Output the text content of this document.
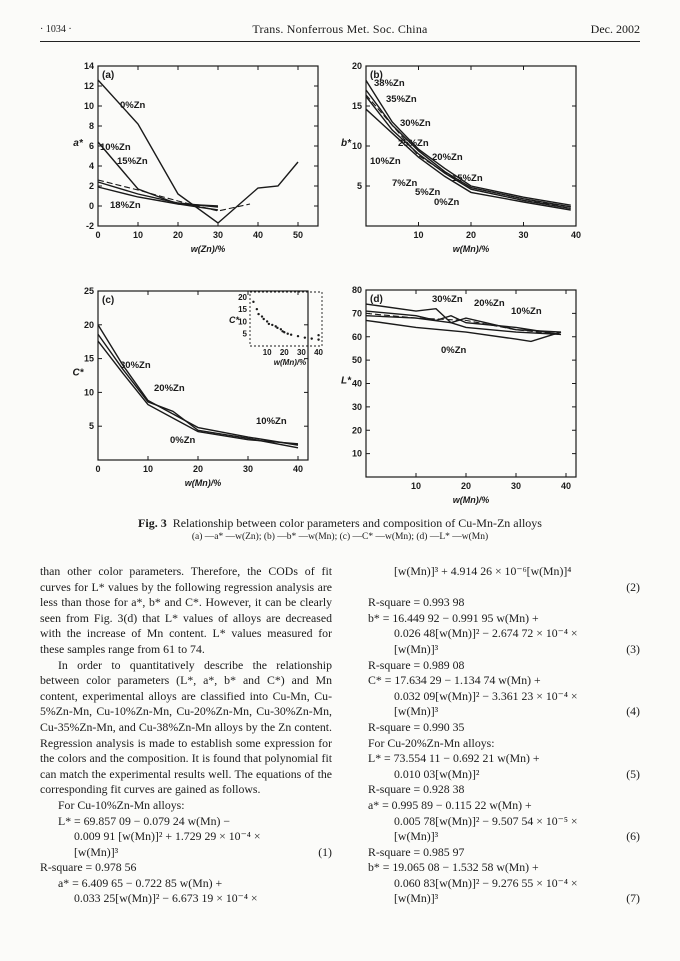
· 1034 ·	Trans. Nonferrous Met. Soc. China	Dec. 2002
0	10	20	30	40	50
-2
0
2
4
6
8
10
12
14
w(Zn)/%
a*
(a)
0%Zn
10%Zn
15%Zn
18%Zn
10	20	30	40
5
10
15
20
w(Mn)/%
b*
(b)
38%Zn
35%Zn
30%Zn
25%Zn
20%Zn
15%Zn
10%Zn
7%Zn
5%Zn
0%Zn
0	10	20	30	40
5
10
15
20
25
w(Mn)/%
C*
(c)
30%Zn
20%Zn
10%Zn
0%Zn
10 20 30 40
5
10
15
20
w(Mn)/%
C*
10	20	30	40
10
20
30
40
50
60
70
80
w(Mn)/%
L*
(d)	30%Zn 20%Zn
10%Zn
0%Zn
Fig. 3 Relationship between color parameters and composition of Cu-Mn-Zn alloys
(a) —a* —w(Zn); (b) —b* —w(Mn); (c) —C* —w(Mn); (d) —L* —w(Mn)

than other color parameters. Therefore, the CODs of fit curves for L* values by the following regression analysis are less than those for a*, b* and C*. However, it can be clearly seen from Fig. 3(d) that L* values of alloys are decreased with the increase of Mn content. L* values measured for these samples range from 61 to 74.

In order to quantitatively describe the relationship between color parameters (L*, a*, b* and C*) and Mn content, experimental alloys are classified into Cu-Mn, Cu-5%Zn-Mn, Cu-10%Zn-Mn, Cu-20%Zn-Mn, Cu-30%Zn-Mn, Cu-35%Zn-Mn, and Cu-38%Zn-Mn alloys by the Zn content. Regression analysis is made to establish some expression for the colors and the composition. It is found that polynomial fit can match the experimental results well. The equations of the corresponding fit curves are gained as follows.

For Cu-10%Zn-Mn alloys:
L* = 69.857 09 − 0.079 24 w(Mn) −
0.009 91 [w(Mn)]² + 1.729 29 × 10⁻⁴ ×
[w(Mn)]³	(1)
R-square = 0.978 56
a* = 6.409 65 − 0.722 85 w(Mn) +
0.033 25[w(Mn)]² − 6.673 19 × 10⁻⁴ ×
[w(Mn)]³ + 4.914 26 × 10⁻⁶[w(Mn)]⁴

(2)
R-square = 0.993 98
b* = 16.449 92 − 0.991 95 w(Mn) +
0.026 48[w(Mn)]² − 2.674 72 × 10⁻⁴ ×
[w(Mn)]³	(3)
R-square = 0.989 08
C* = 17.634 29 − 1.134 74 w(Mn) +
0.032 09[w(Mn)]² − 3.361 23 × 10⁻⁴ ×
[w(Mn)]³	(4)
R-square = 0.990 35
For Cu-20%Zn-Mn alloys:
L* = 73.554 11 − 0.692 21 w(Mn) +
0.010 03[w(Mn)]²	(5)
R-square = 0.928 38
a* = 0.995 89 − 0.115 22 w(Mn) +
0.005 78[w(Mn)]² − 9.507 54 × 10⁻⁵ ×
[w(Mn)]³	(6)
R-square = 0.985 97
b* = 19.065 08 − 1.532 58 w(Mn) +
0.060 83[w(Mn)]² − 9.276 55 × 10⁻⁴ ×
[w(Mn)]³	(7)
